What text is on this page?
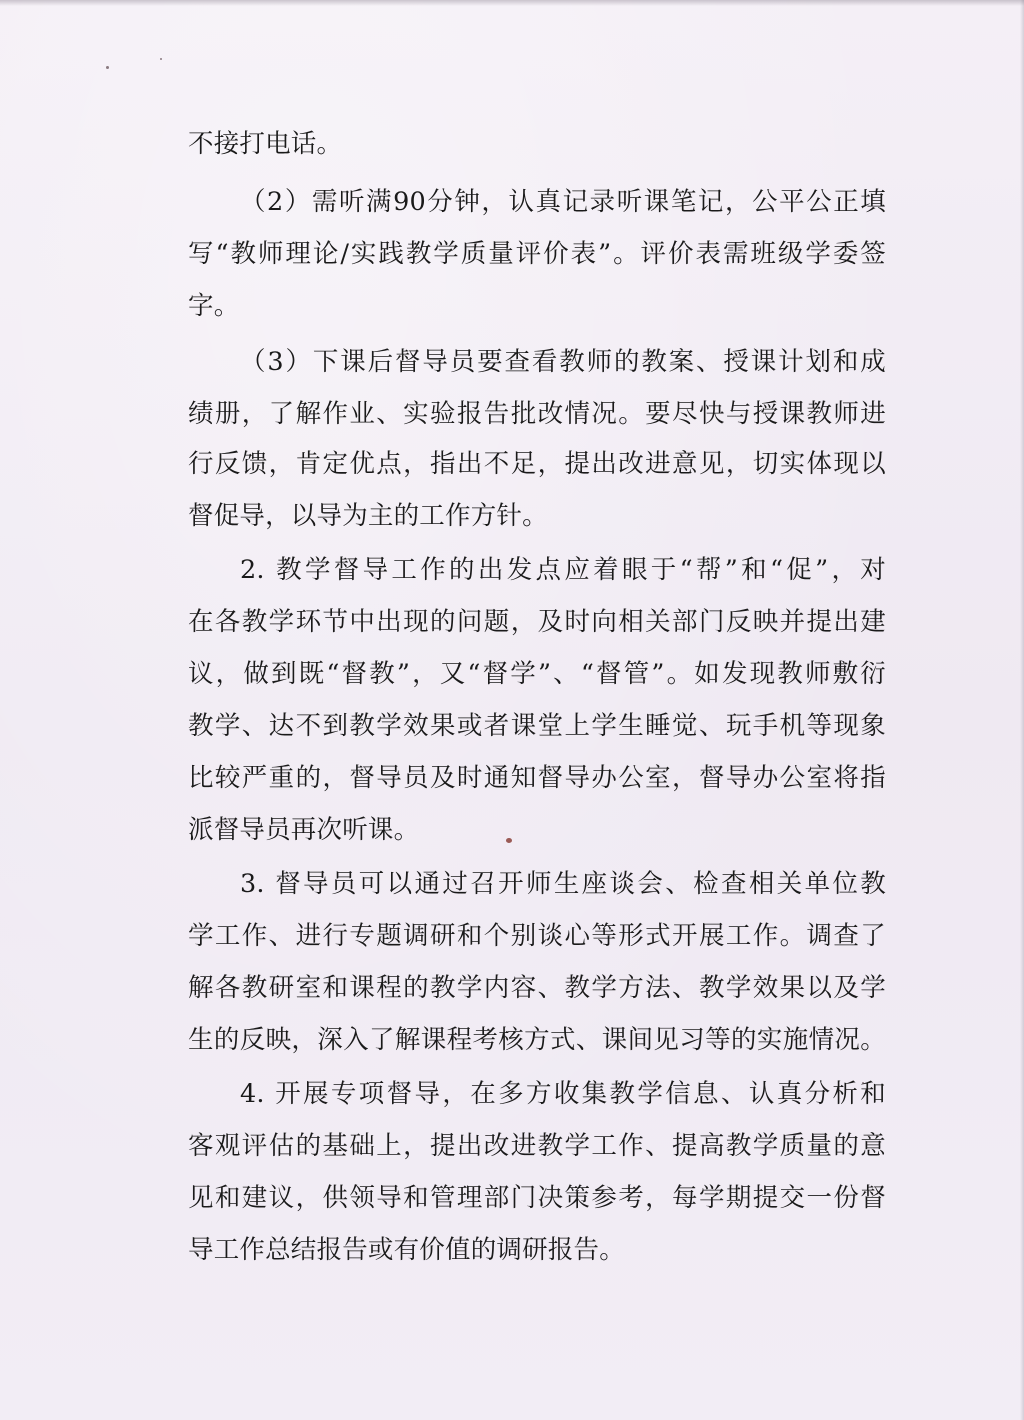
不接打电话。
（2）需听满90分钟，认真记录听课笔记，公平公正填
写“教师理论/实践教学质量评价表”。评价表需班级学委签
字。
（3）下课后督导员要查看教师的教案、授课计划和成
绩册，了解作业、实验报告批改情况。要尽快与授课教师进
行反馈，肯定优点，指出不足，提出改进意见，切实体现以
督促导，以导为主的工作方针。
2. 教学督导工作的出发点应着眼于“帮”和“促”，对
在各教学环节中出现的问题，及时向相关部门反映并提出建
议，做到既“督教”，又“督学”、“督管”。如发现教师敷衍
教学、达不到教学效果或者课堂上学生睡觉、玩手机等现象
比较严重的，督导员及时通知督导办公室，督导办公室将指
派督导员再次听课。
3. 督导员可以通过召开师生座谈会、检查相关单位教
学工作、进行专题调研和个别谈心等形式开展工作。调查了
解各教研室和课程的教学内容、教学方法、教学效果以及学
生的反映，深入了解课程考核方式、课间见习等的实施情况。
4. 开展专项督导，在多方收集教学信息、认真分析和
客观评估的基础上，提出改进教学工作、提高教学质量的意
见和建议，供领导和管理部门决策参考，每学期提交一份督
导工作总结报告或有价值的调研报告。
